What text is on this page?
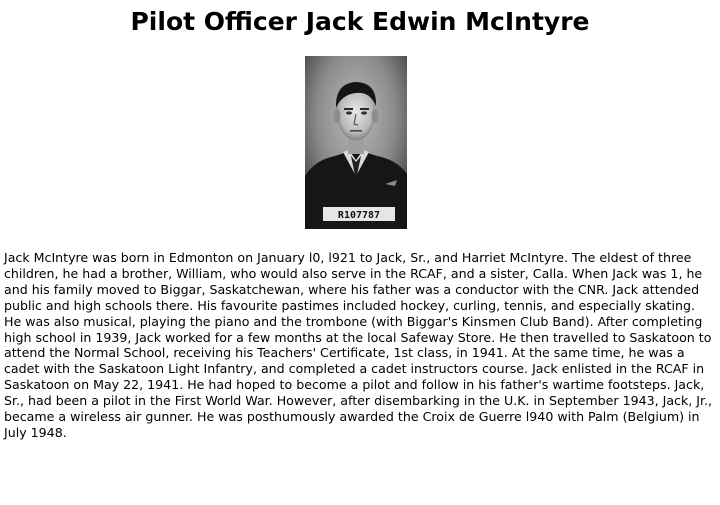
Pilot Officer Jack Edwin McIntyre
R107787

Jack McIntyre was born in Edmonton on January l0, l921 to Jack, Sr., and Harriet McIntyre. The eldest of three children, he had a brother, William, who would also serve in the RCAF, and a sister, Calla. When Jack was 1, he and his family moved to Biggar, Saskatchewan, where his father was a conductor with the CNR. Jack attended public and high schools there. His favourite pastimes included hockey, curling, tennis, and especially skating. He was also musical, playing the piano and the trombone (with Biggar's Kinsmen Club Band). After completing high school in 1939, Jack worked for a few months at the local Safeway Store. He then travelled to Saskatoon to attend the Normal School, receiving his Teachers' Certificate, 1st class, in 1941. At the same time, he was a cadet with the Saskatoon Light Infantry, and completed a cadet instructors course. Jack enlisted in the RCAF in Saskatoon on May 22, 1941. He had hoped to become a pilot and follow in his father's wartime footsteps. Jack, Sr., had been a pilot in the First World War. However, after disembarking in the U.K. in September 1943, Jack, Jr., became a wireless air gunner. He was posthumously awarded the Croix de Guerre l940 with Palm (Belgium) in July 1948.
